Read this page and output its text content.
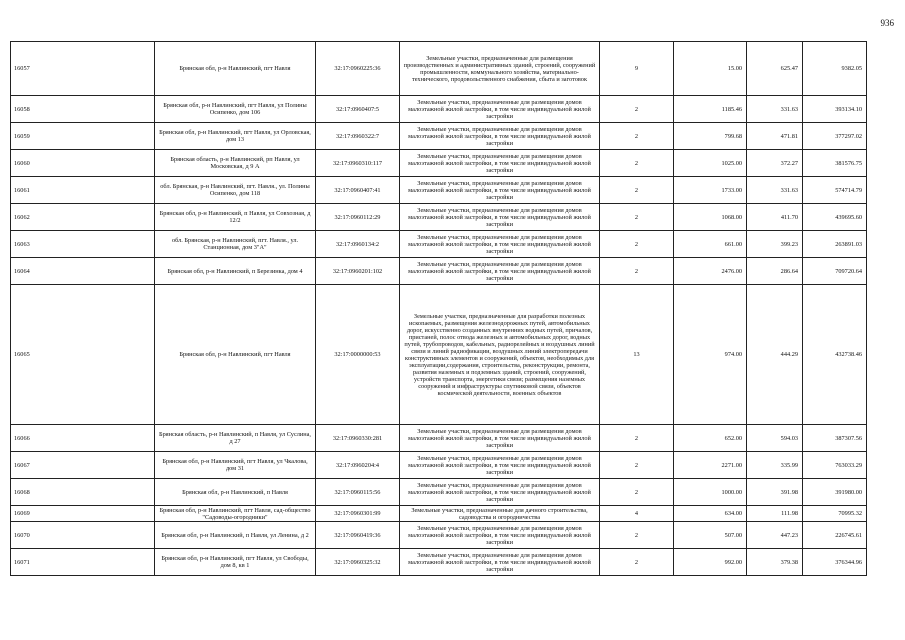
936
16057	Брянская обл, р-н Навлинский, пгт Навля	32:17:0960225:36	Земельные участки, предназначенные для размещения производственных и административных зданий, строений, сооружений промышленности, коммунального хозяйства, материально-технического, продовольственного снабжения, сбыта и заготовок	9	15.00	625.47	9382.05
16058	Брянская обл, р-н Навлинский, пгт Навля, ул Полины Осипенко, дом 106	32:17:0960407:5	Земельные участки, предназначенные для размещения домов малоэтажной жилой застройки, в том числе индивидуальной жилой застройки	2	1185.46	331.63	393134.10
16059	Брянская обл, р-н Навлинский, пгт Навля, ул Орловская, дом 13	32:17:0960322:7	Земельные участки, предназначенные для размещения домов малоэтажной жилой застройки, в том числе индивидуальной жилой застройки	2	799.68	471.81	377297.02
16060	Брянская область, р-н Навлинский, рп Навля, ул Московская, д 9 А	32:17:0960310:117	Земельные участки, предназначенные для размещения домов малоэтажной жилой застройки, в том числе индивидуальной жилой застройки	2	1025.00	372.27	381576.75
16061	обл. Брянская, р-н Навлинский, пгт. Навля., ул. Полины Осипенко, дом 118	32:17:0960407:41	Земельные участки, предназначенные для размещения домов малоэтажной жилой застройки, в том числе индивидуальной жилой застройки	2	1733.00	331.63	574714.79
16062	Брянская обл, р-н Навлинский, п Навля, ул Совхозная, д 12/2	32:17:0960112:29	Земельные участки, предназначенные для размещения домов малоэтажной жилой застройки, в том числе индивидуальной жилой застройки	2	1068.00	411.70	439695.60
16063	обл. Брянская, р-н Навлинский, пгт. Навля., ул. Станционная, дом 3"А"	32:17:0960134:2	Земельные участки, предназначенные для размещения домов малоэтажной жилой застройки, в том числе индивидуальной жилой застройки	2	661.00	399.23	263891.03
16064	Брянская обл, р-н Навлинский, п Березинка, дом 4	32:17:0960201:102	Земельные участки, предназначенные для размещения домов малоэтажной жилой застройки, в том числе индивидуальной жилой застройки	2	2476.00	286.64	709720.64
16065	Брянская обл, р-н Навлинский, пгт Навля	32:17:0000000:53	Земельные участки, предназначенные для разработки полезных ископаемых, размещения железнодорожных путей, автомобильных дорог, искусственно созданных внутренних водных путей, причалов, пристаней, полос отвода железных и автомобильных дорог, водных путей, трубопроводов, кабельных, радиорелейных и воздушных линий связи и линий радиофикации, воздушных линий электропередачи конструктивных элементов и сооружений, объектов, необходимых для эксплуатации,содержания, строительства, реконструкции, ремонта, развития наземных и подземных зданий, строений, сооружений, устройств транспорта, энергетики связи; размещения наземных сооружений и инфраструктуры спутниковой связи, объектов космической деятельности, военных объектов	13	974.00	444.29	432738.46
16066	Брянская область, р-н Навлинский, п Навля, ул Суслина, д 27	32:17:0960330:281	Земельные участки, предназначенные для размещения домов малоэтажной жилой застройки, в том числе индивидуальной жилой застройки	2	652.00	594.03	387307.56
16067	Брянская обл, р-н Навлинский, пгт Навля, ул Чкалова, дом 31	32:17:0960204:4	Земельные участки, предназначенные для размещения домов малоэтажной жилой застройки, в том числе индивидуальной жилой застройки	2	2271.00	335.99	763033.29
16068	Брянская обл, р-н Навлинский, п Навля	32:17:0960115:56	Земельные участки, предназначенные для размещения домов малоэтажной жилой застройки, в том числе индивидуальной жилой застройки	2	1000.00	391.98	391980.00
16069	Брянская обл, р-н Навлинский, пгт Навля, сад-общество "Садоводы-огородники"	32:17:0960301:99	Земельные участки, предназначенные для дачного строительства, садоводства и огородничества	4	634.00	111.98	70995.32
16070	Брянская обл, р-н Навлинский, п Навля, ул Ленина, д 2	32:17:0960419:36	Земельные участки, предназначенные для размещения домов малоэтажной жилой застройки, в том числе индивидуальной жилой застройки	2	507.00	447.23	226745.61
16071	Брянская обл, р-н Навлинский, пгт Навля, ул Свободы, дом 8, кв 1	32:17:0960325:32	Земельные участки, предназначенные для размещения домов малоэтажной жилой застройки, в том числе индивидуальной жилой застройки	2	992.00	379.38	376344.96
